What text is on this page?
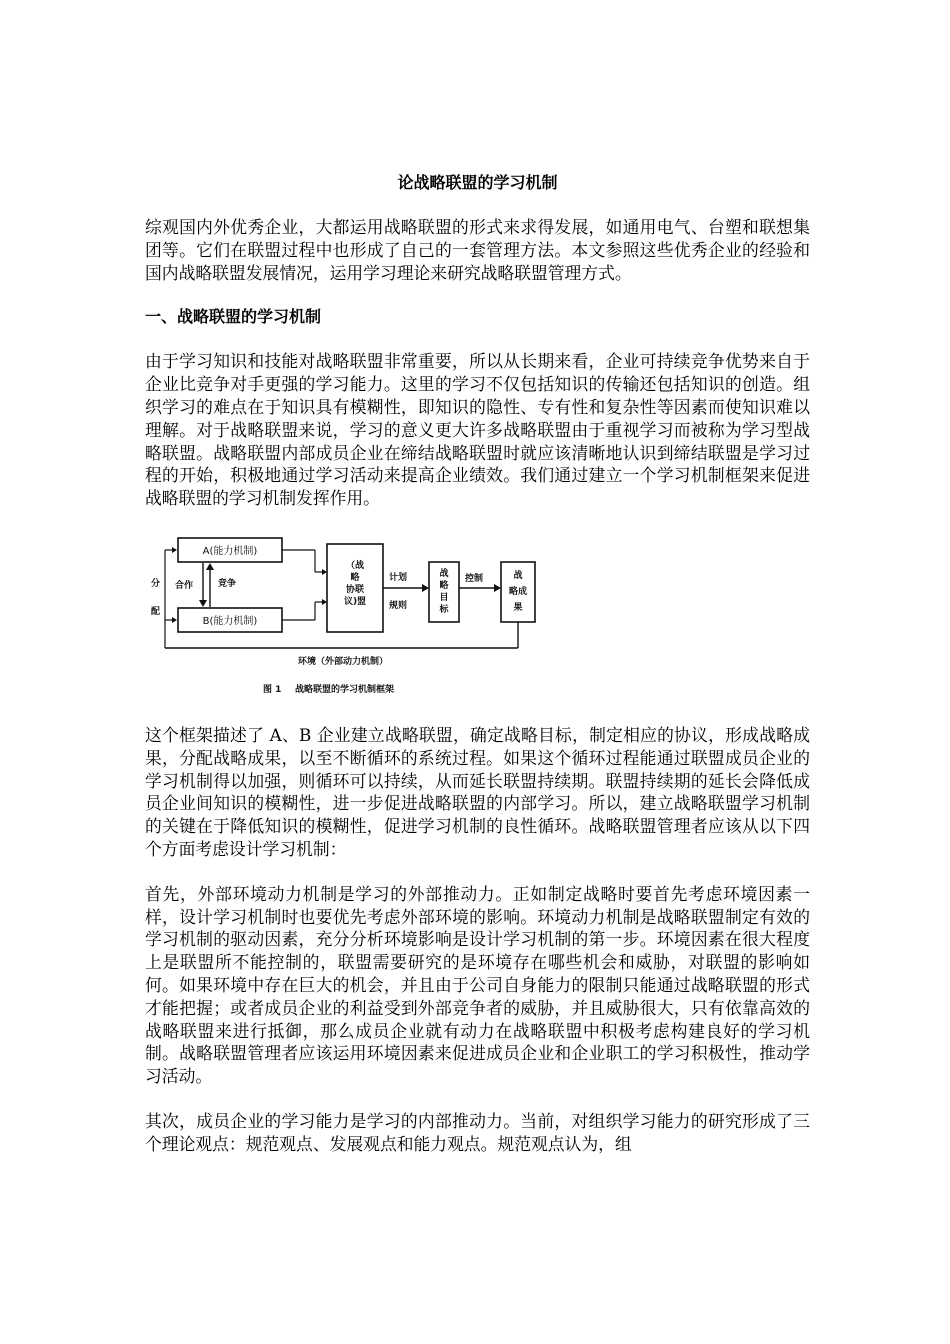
论战略联盟的学习机制
综观国内外优秀企业，大都运用战略联盟的形式来求得发展，如通用电气、台塑和联想集团等。它们在联盟过程中也形成了自己的一套管理方法。本文参照这些优秀企业的经验和国内战略联盟发展情况，运用学习理论来研究战略联盟管理方式。
一、战略联盟的学习机制
由于学习知识和技能对战略联盟非常重要，所以从长期来看，企业可持续竞争优势来自于企业比竞争对手更强的学习能力。这里的学习不仅包括知识的传输还包括知识的创造。组织学习的难点在于知识具有模糊性，即知识的隐性、专有性和复杂性等因素而使知识难以理解。对于战略联盟来说，学习的意义更大许多战略联盟由于重视学习而被称为学习型战略联盟。战略联盟内部成员企业在缔结战略联盟时就应该清晰地认识到缔结联盟是学习过程的开始，积极地通过学习活动来提高企业绩效。我们通过建立一个学习机制框架来促进战略联盟的学习机制发挥作用。
A(能力机制)
B(能力机制)
合作	竞争
分
配
（战
略
协联
议)盟
计划
规则
战
略
目
标
控制	战
略成
果
环境（外部动力机制）
图 1 战略联盟的学习机制框架
这个框架描述了 A、B 企业建立战略联盟，确定战略目标，制定相应的协议，形成战略成果，分配战略成果，以至不断循环的系统过程。如果这个循环过程能通过联盟成员企业的学习机制得以加强，则循环可以持续，从而延长联盟持续期。联盟持续期的延长会降低成员企业间知识的模糊性，进一步促进战略联盟的内部学习。所以，建立战略联盟学习机制的关键在于降低知识的模糊性，促进学习机制的良性循环。战略联盟管理者应该从以下四个方面考虑设计学习机制：
首先，外部环境动力机制是学习的外部推动力。正如制定战略时要首先考虑环境因素一样，设计学习机制时也要优先考虑外部环境的影响。环境动力机制是战略联盟制定有效的学习机制的驱动因素，充分分析环境影响是设计学习机制的第一步。环境因素在很大程度上是联盟所不能控制的，联盟需要研究的是环境存在哪些机会和威胁，对联盟的影响如何。如果环境中存在巨大的机会，并且由于公司自身能力的限制只能通过战略联盟的形式才能把握；或者成员企业的利益受到外部竞争者的威胁，并且威胁很大，只有依靠高效的战略联盟来进行抵御，那么成员企业就有动力在战略联盟中积极考虑构建良好的学习机制。战略联盟管理者应该运用环境因素来促进成员企业和企业职工的学习积极性，推动学习活动。
其次，成员企业的学习能力是学习的内部推动力。当前，对组织学习能力的研究形成了三个理论观点：规范观点、发展观点和能力观点。规范观点认为，组
